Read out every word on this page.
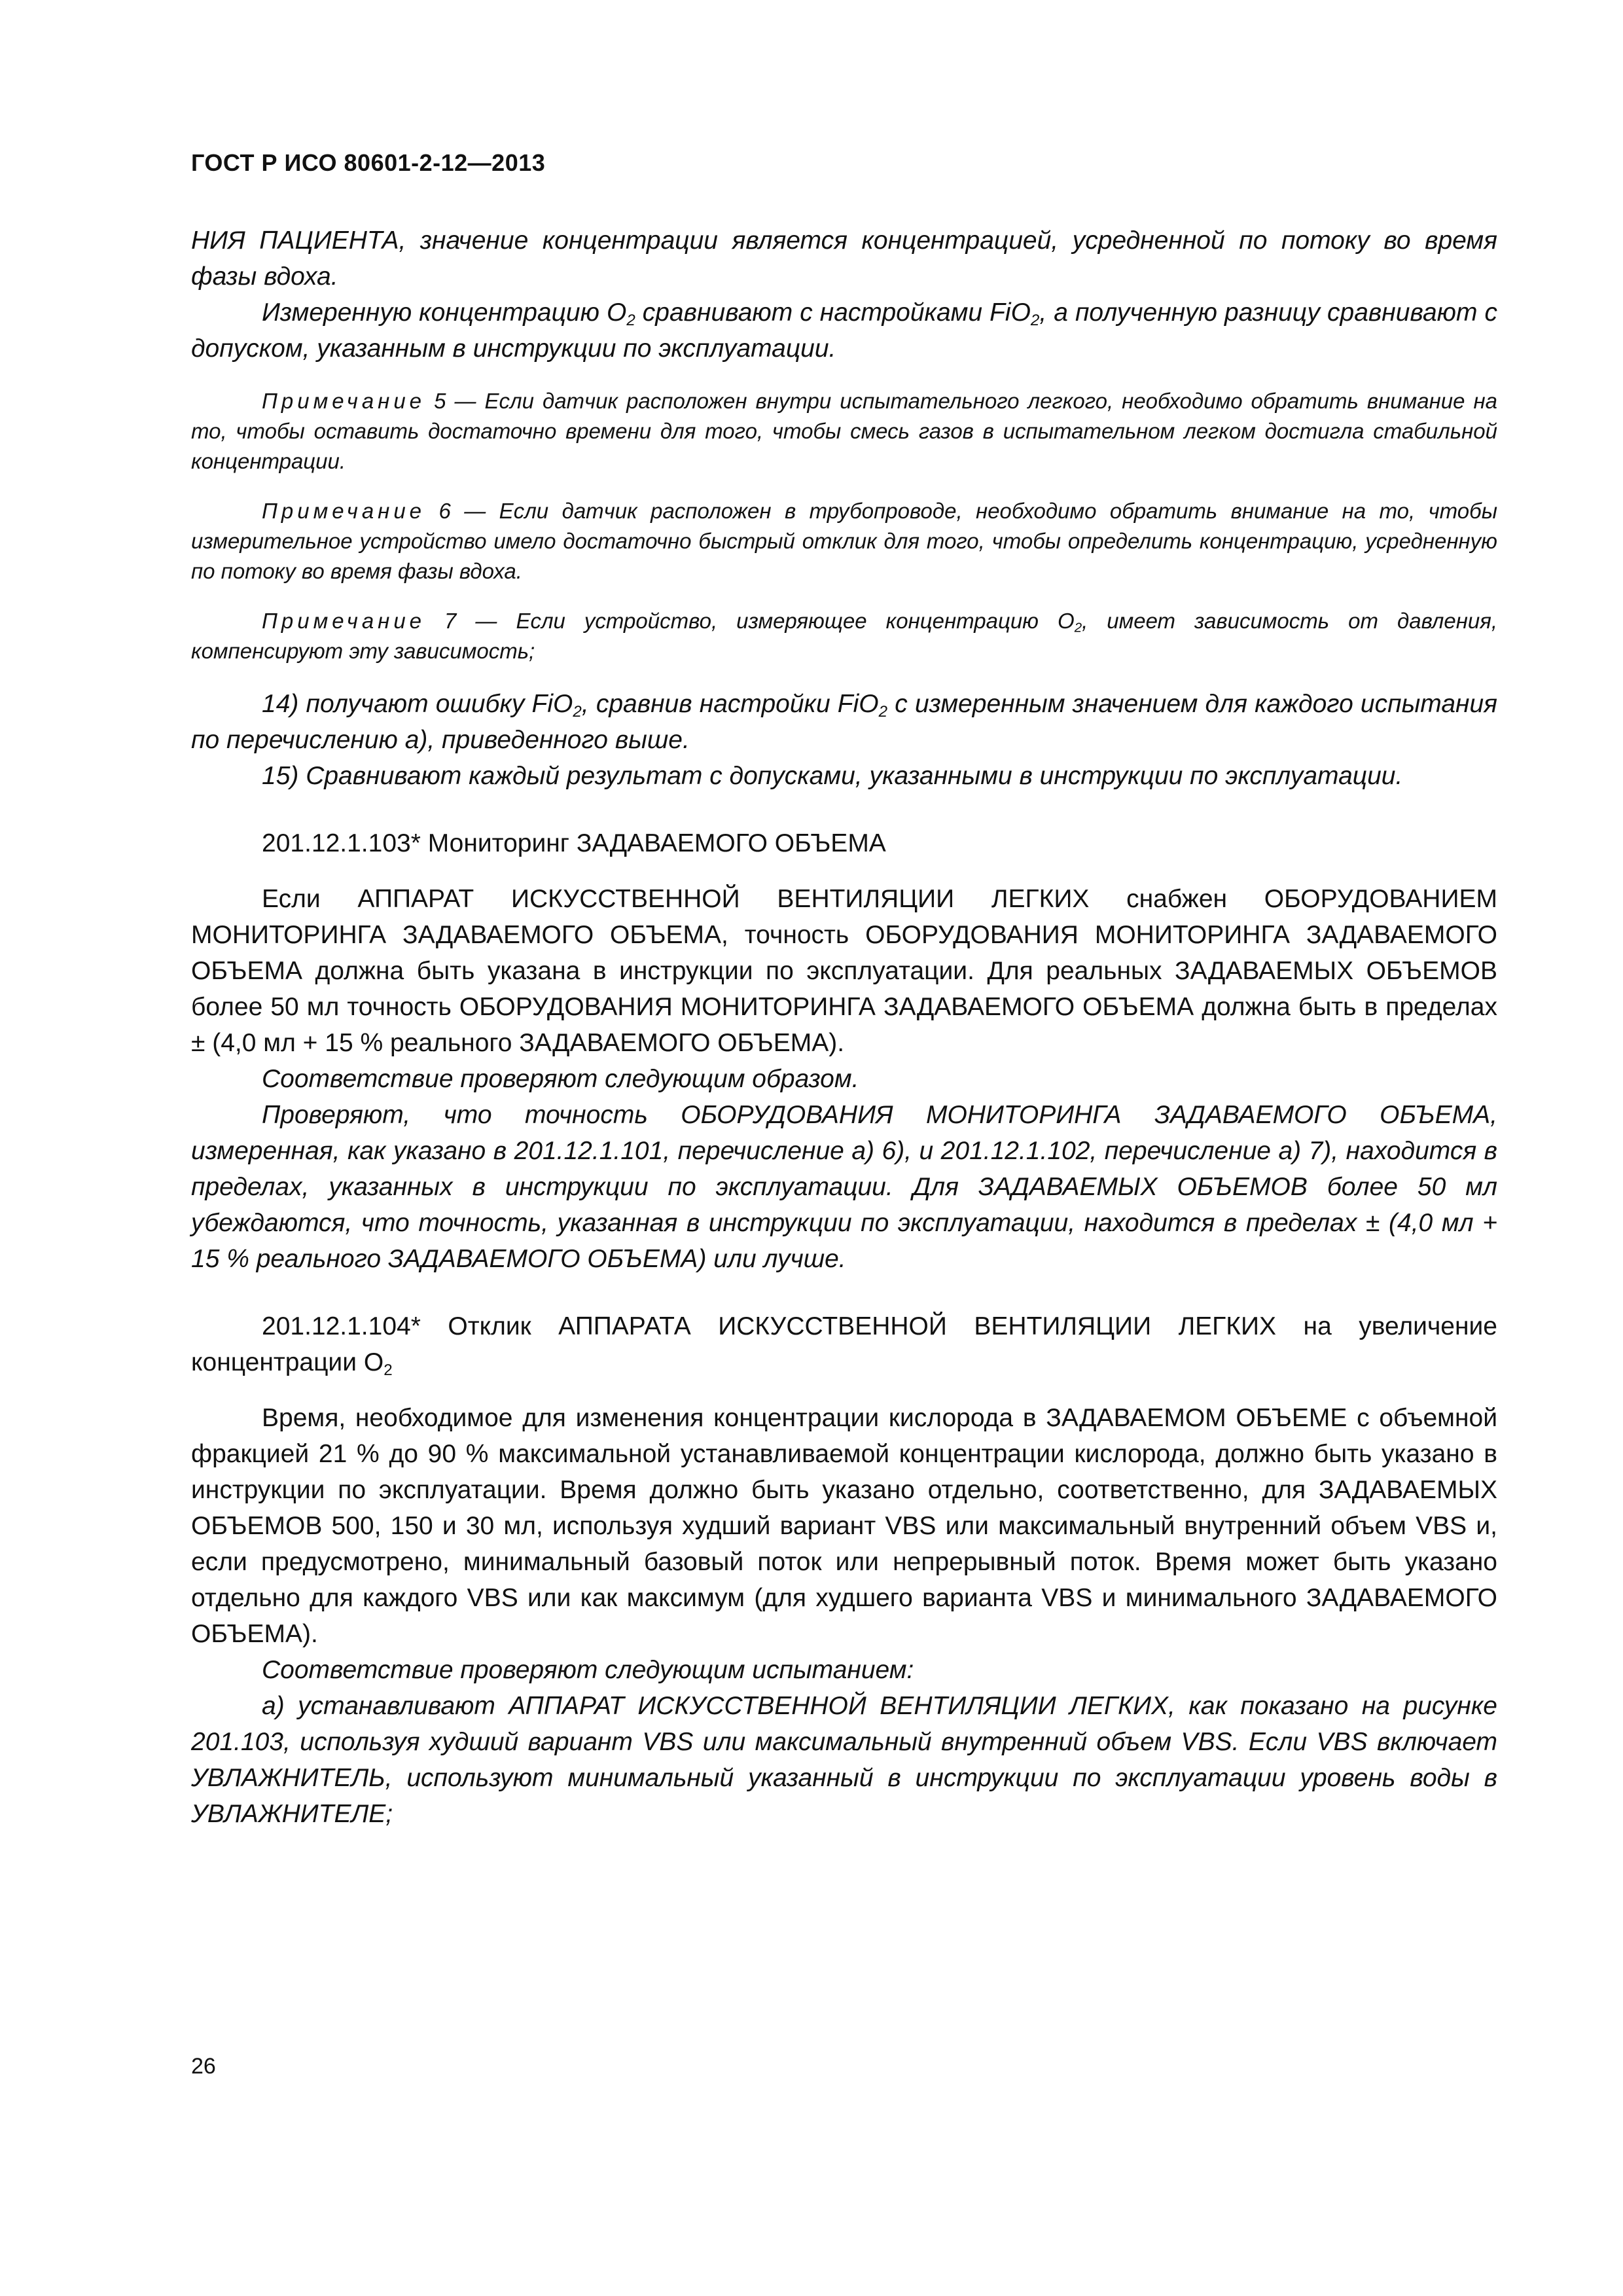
ГОСТ Р ИСО 80601-2-12—2013

НИЯ ПАЦИЕНТА, значение концентрации является концентрацией, усредненной по потоку во время фазы вдоха.

Измеренную концентрацию $O_2$ сравнивают с настройками FiO$_2$, а полученную разницу сравнивают с допуском, указанным в инструкции по эксплуатации.

Примечание 5 — Если датчик расположен внутри испытательного легкого, необходимо обратить внимание на то, чтобы оставить достаточно времени для того, чтобы смесь газов в испытательном легком достигла стабильной концентрации.

Примечание 6 — Если датчик расположен в трубопроводе, необходимо обратить внимание на то, чтобы измерительное устройство имело достаточно быстрый отклик для того, чтобы определить концентрацию, усредненную по потоку во время фазы вдоха.

Примечание 7 — Если устройство, измеряющее концентрацию $O_2$, имеет зависимость от давления, компенсируют эту зависимость;

14) получают ошибку FiO$_2$, сравнив настройки FiO$_2$ с измеренным значением для каждого испытания по перечислению а), приведенного выше.

15) Сравнивают каждый результат с допусками, указанными в инструкции по эксплуатации.

201.12.1.103* Мониторинг ЗАДАВАЕМОГО ОБЪЕМА

Если АППАРАТ ИСКУССТВЕННОЙ ВЕНТИЛЯЦИИ ЛЕГКИХ снабжен ОБОРУДОВАНИЕМ МОНИТОРИНГА ЗАДАВАЕМОГО ОБЪЕМА, точность ОБОРУДОВАНИЯ МОНИТОРИНГА ЗАДАВАЕМОГО ОБЪЕМА должна быть указана в инструкции по эксплуатации. Для реальных ЗАДАВАЕМЫХ ОБЪЕМОВ более 50 мл точность ОБОРУДОВАНИЯ МОНИТОРИНГА ЗАДАВАЕМОГО ОБЪЕМА должна быть в пределах ± (4,0 мл + 15 % реального ЗАДАВАЕМОГО ОБЪЕМА).

Соответствие проверяют следующим образом.

Проверяют, что точность ОБОРУДОВАНИЯ МОНИТОРИНГА ЗАДАВАЕМОГО ОБЪЕМА, измеренная, как указано в 201.12.1.101, перечисление а) 6), и 201.12.1.102, перечисление а) 7), находится в пределах, указанных в инструкции по эксплуатации. Для ЗАДАВАЕМЫХ ОБЪЕМОВ более 50 мл убеждаются, что точность, указанная в инструкции по эксплуатации, находится в пределах ± (4,0 мл + 15 % реального ЗАДАВАЕМОГО ОБЪЕМА) или лучше.

201.12.1.104* Отклик АППАРАТА ИСКУССТВЕННОЙ ВЕНТИЛЯЦИИ ЛЕГКИХ на увеличение концентрации $O_2$

Время, необходимое для изменения концентрации кислорода в ЗАДАВАЕМОМ ОБЪЕМЕ с объемной фракцией 21 % до 90 % максимальной устанавливаемой концентрации кислорода, должно быть указано в инструкции по эксплуатации. Время должно быть указано отдельно, соответственно, для ЗАДАВАЕМЫХ ОБЪЕМОВ 500, 150 и 30 мл, используя худший вариант VBS или максимальный внутренний объем VBS и, если предусмотрено, минимальный базовый поток или непрерывный поток. Время может быть указано отдельно для каждого VBS или как максимум (для худшего варианта VBS и минимального ЗАДАВАЕМОГО ОБЪЕМА).

Соответствие проверяют следующим испытанием:

а) устанавливают АППАРАТ ИСКУССТВЕННОЙ ВЕНТИЛЯЦИИ ЛЕГКИХ, как показано на рисунке 201.103, используя худший вариант VBS или максимальный внутренний объем VBS. Если VBS включает УВЛАЖНИТЕЛЬ, используют минимальный указанный в инструкции по эксплуатации уровень воды в УВЛАЖНИТЕЛЕ;

26
